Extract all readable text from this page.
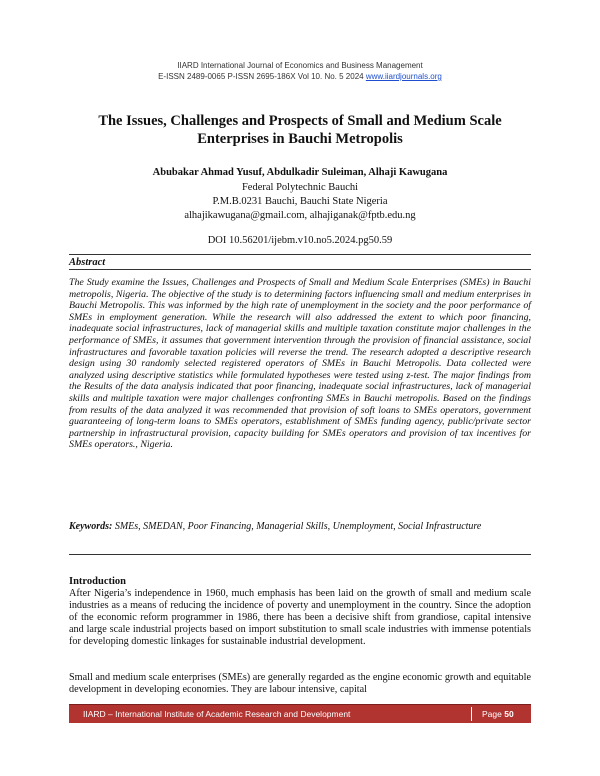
IIARD International Journal of Economics and Business Management
E-ISSN 2489-0065 P-ISSN 2695-186X Vol 10. No. 5 2024 www.iiardjournals.org
The Issues, Challenges and Prospects of Small and Medium Scale
Enterprises in Bauchi Metropolis
Abubakar Ahmad Yusuf, Abdulkadir Suleiman, Alhaji Kawugana
Federal Polytechnic Bauchi
P.M.B.0231 Bauchi, Bauchi State Nigeria
alhajikawugana@gmail.com, alhajiganak@fptb.edu.ng
DOI 10.56201/ijebm.v10.no5.2024.pg50.59
Abstract

The Study examine the Issues, Challenges and Prospects of Small and Medium Scale Enterprises (SMEs) in Bauchi metropolis, Nigeria. The objective of the study is to determining factors influencing small and medium enterprises in Bauchi Metropolis. This was informed by the high rate of unemployment in the society and the poor performance of SMEs in employment generation. While the research will also addressed the extent to which poor financing, inadequate social infrastructures, lack of managerial skills and multiple taxation constitute major challenges in the performance of SMEs, it assumes that government intervention through the provision of financial assistance, social infrastructures and favorable taxation policies will reverse the trend. The research adopted a descriptive research design using 30 randomly selected registered operators of SMEs in Bauchi Metropolis. Data collected were analyzed using descriptive statistics while formulated hypotheses were tested using z-test. The major findings from the Results of the data analysis indicated that poor financing, inadequate social infrastructures, lack of managerial skills and multiple taxation were major challenges confronting SMEs in Bauchi metropolis. Based on the findings from results of the data analyzed it was recommended that provision of soft loans to SMEs operators, government guaranteeing of long-term loans to SMEs operators, establishment of SMEs funding agency, public/private sector partnership in infrastructural provision, capacity building for SMEs operators and provision of tax incentives for SMEs operators., Nigeria.

Keywords: SMEs, SMEDAN, Poor Financing, Managerial Skills, Unemployment, Social Infrastructure
Introduction

After Nigeria’s independence in 1960, much emphasis has been laid on the growth of small and medium scale industries as a means of reducing the incidence of poverty and unemployment in the country. Since the adoption of the economic reform programmer in 1986, there has been a decisive shift from grandiose, capital intensive and large scale industrial projects based on import substitution to small scale industries with immense potentials for developing domestic linkages for sustainable industrial development.

Small and medium scale enterprises (SMEs) are generally regarded as the engine economic growth and equitable development in developing economies. They are labour intensive, capital

IIARD – International Institute of Academic Research and Development	Page 50
